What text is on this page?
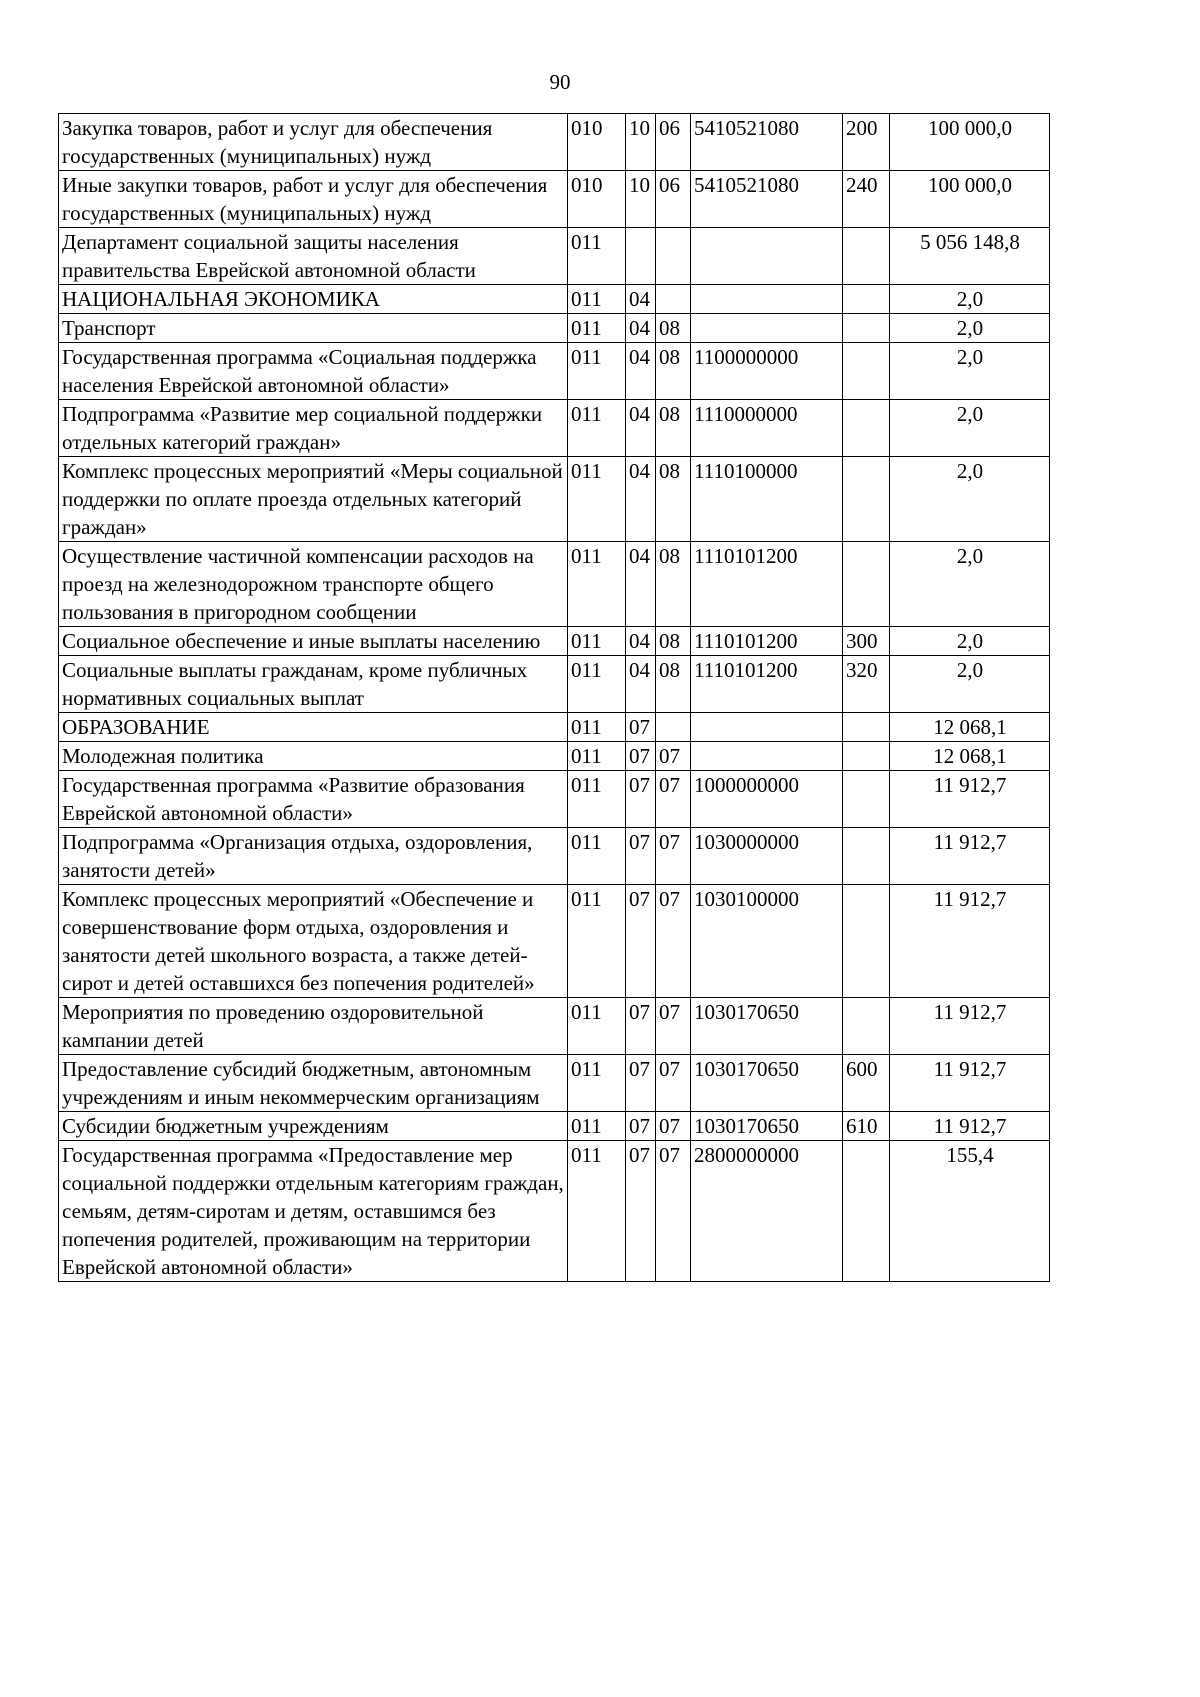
90
Закупка товаров, работ и услуг для обеспечения государственных (муниципальных) нужд	010	10	06	5410521080	200	100 000,0
Иные закупки товаров, работ и услуг для обеспечения государственных (муниципальных) нужд	010	10	06	5410521080	240	100 000,0
Департамент социальной защиты населения правительства Еврейской автономной области	011					5 056 148,8
НАЦИОНАЛЬНАЯ ЭКОНОМИКА	011	04				2,0
Транспорт	011	04	08			2,0
Государственная программа «Социальная поддержка населения Еврейской автономной области»	011	04	08	1100000000		2,0
Подпрограмма «Развитие мер социальной поддержки отдельных категорий граждан»	011	04	08	1110000000		2,0
Комплекс процессных мероприятий «Меры социальной поддержки по оплате проезда отдельных категорий граждан»	011	04	08	1110100000		2,0
Осуществление частичной компенсации расходов на проезд на железнодорожном транспорте общего пользования в пригородном сообщении	011	04	08	1110101200		2,0
Социальное обеспечение и иные выплаты населению	011	04	08	1110101200	300	2,0
Социальные выплаты гражданам, кроме публичных нормативных социальных выплат	011	04	08	1110101200	320	2,0
ОБРАЗОВАНИЕ	011	07				12 068,1
Молодежная политика	011	07	07			12 068,1
Государственная программа «Развитие образования Еврейской автономной области»	011	07	07	1000000000		11 912,7
Подпрограмма «Организация отдыха, оздоровления, занятости детей»	011	07	07	1030000000		11 912,7
Комплекс процессных мероприятий «Обеспечение и совершенствование форм отдыха, оздоровления и занятости детей школьного возраста, а также детей-сирот и детей оставшихся без попечения родителей»	011	07	07	1030100000		11 912,7
Мероприятия по проведению оздоровительной кампании детей	011	07	07	1030170650		11 912,7
Предоставление субсидий бюджетным, автономным учреждениям и иным некоммерческим организациям	011	07	07	1030170650	600	11 912,7
Субсидии бюджетным учреждениям	011	07	07	1030170650	610	11 912,7
Государственная программа «Предоставление мер социальной поддержки отдельным категориям граждан, семьям, детям-сиротам и детям, оставшимся без попечения родителей, проживающим на территории Еврейской автономной области»	011	07	07	2800000000		155,4
